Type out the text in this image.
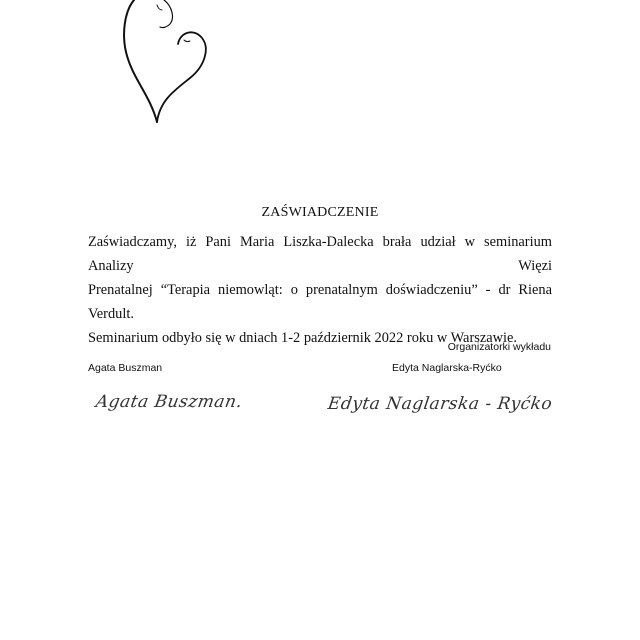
ZAŚWIADCZENIE
Zaświadczamy, iż Pani Maria Liszka-Dalecka brała udział w seminarium Analizy Więzi
Prenatalnej “Terapia niemowląt: o prenatalnym doświadczeniu” - dr Riena Verdult.
Seminarium odbyło się w dniach 1-2 październik 2022 roku w Warszawie.
Organizatorki wykładu
Agata Buszman	Edyta Naglarska-Ryćko
Agata Buszman.	Edyta Naglarska - Ryćko
